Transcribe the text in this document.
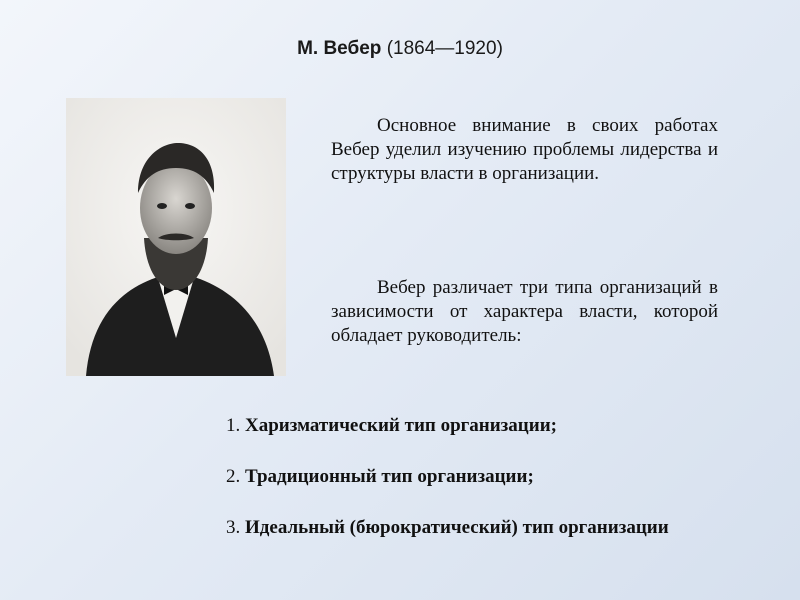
М. Вебер (1864—1920)

Основное внимание в своих работах Вебер уделил изучению проблемы лидерства и структуры власти в организации.

Вебер различает три типа организаций в зависимости от характера власти, которой обладает руководитель:

1. Харизматический тип организации;
2. Традиционный тип организации;
3. Идеальный (бюрократический) тип организации
